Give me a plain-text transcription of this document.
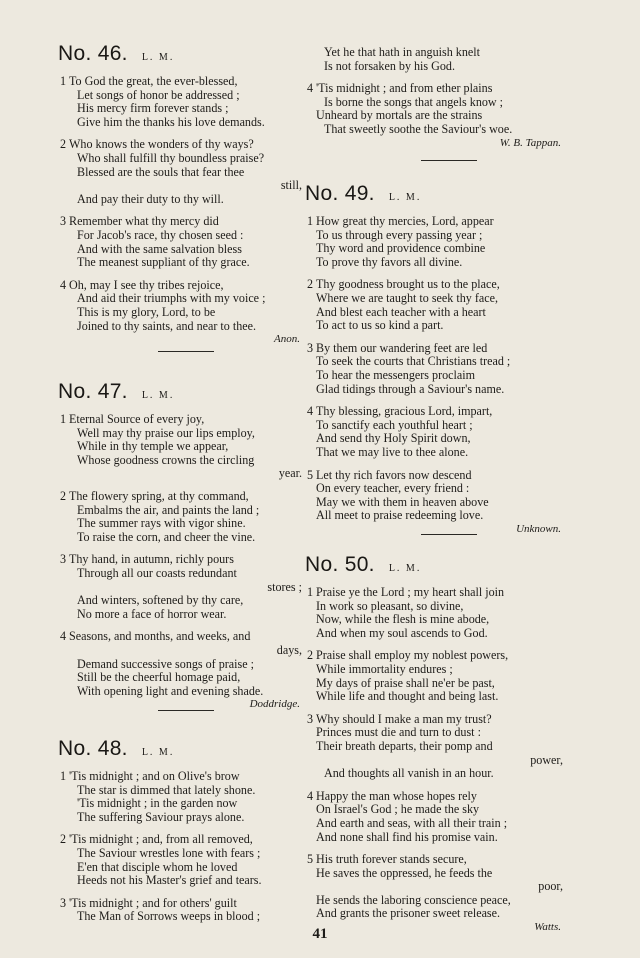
No. 46. L. M.
1 To God the great, the ever-blessed,
Let songs of honor be addressed ;
His mercy firm forever stands ;
Give him the thanks his love demands.
2 Who knows the wonders of thy ways?
Who shall fulfill thy boundless praise?
Blessed are the souls that fear thee
still,
And pay their duty to thy will.
3 Remember what thy mercy did
For Jacob's race, thy chosen seed :
And with the same salvation bless
The meanest suppliant of thy grace.
4 Oh, may I see thy tribes rejoice,
And aid their triumphs with my voice ;
This is my glory, Lord, to be
Joined to thy saints, and near to thee.
Anon.
No. 47. L. M.
1 Eternal Source of every joy,
Well may thy praise our lips employ,
While in thy temple we appear,
Whose goodness crowns the circling
year.
2 The flowery spring, at thy command,
Embalms the air, and paints the land ;
The summer rays with vigor shine.
To raise the corn, and cheer the vine.
3 Thy hand, in autumn, richly pours
Through all our coasts redundant
stores ;
And winters, softened by thy care,
No more a face of horror wear.
4 Seasons, and months, and weeks, and
days,
Demand successive songs of praise ;
Still be the cheerful homage paid,
With opening light and evening shade.
Doddridge.
No. 48. L. M.
1 'Tis midnight ; and on Olive's brow
The star is dimmed that lately shone.
'Tis midnight ; in the garden now
The suffering Saviour prays alone.
2 'Tis midnight ; and, from all removed,
The Saviour wrestles lone with fears ;
E'en that disciple whom he loved
Heeds not his Master's grief and tears.
3 'Tis midnight ; and for others' guilt
The Man of Sorrows weeps in blood ;
Yet he that hath in anguish knelt
Is not forsaken by his God.
4 'Tis midnight ; and from ether plains
Is borne the songs that angels know ;
Unheard by mortals are the strains
That sweetly soothe the Saviour's woe.
W. B. Tappan.
No. 49. L. M.
1 How great thy mercies, Lord, appear
To us through every passing year ;
Thy word and providence combine
To prove thy favors all divine.
2 Thy goodness brought us to the place,
Where we are taught to seek thy face,
And blest each teacher with a heart
To act to us so kind a part.
3 By them our wandering feet are led
To seek the courts that Christians tread ;
To hear the messengers proclaim
Glad tidings through a Saviour's name.
4 Thy blessing, gracious Lord, impart,
To sanctify each youthful heart ;
And send thy Holy Spirit down,
That we may live to thee alone.
5 Let thy rich favors now descend
On every teacher, every friend :
May we with them in heaven above
All meet to praise redeeming love.
Unknown.
No. 50. L. M.
1 Praise ye the Lord ; my heart shall join
In work so pleasant, so divine,
Now, while the flesh is mine abode,
And when my soul ascends to God.
2 Praise shall employ my noblest powers,
While immortality endures ;
My days of praise shall ne'er be past,
While life and thought and being last.
3 Why should I make a man my trust?
Princes must die and turn to dust :
Their breath departs, their pomp and
power,
And thoughts all vanish in an hour.
4 Happy the man whose hopes rely
On Israel's God ; he made the sky
And earth and seas, with all their train ;
And none shall find his promise vain.
5 His truth forever stands secure,
He saves the oppressed, he feeds the
poor,
He sends the laboring conscience peace,
And grants the prisoner sweet release.
Watts.
41
